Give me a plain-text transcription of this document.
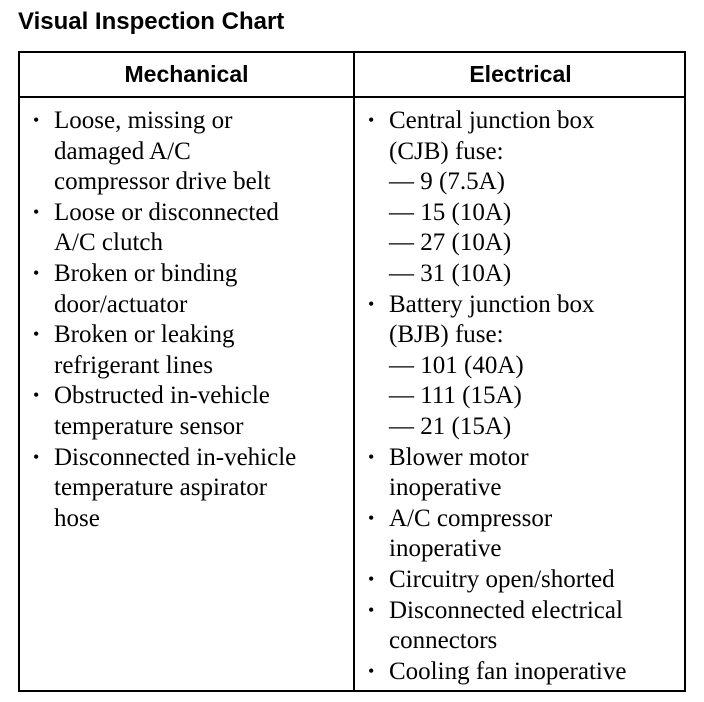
Visual Inspection Chart
Mechanical	Electrical
• Loose, missing or
damaged A/C
compressor drive belt
• Loose or disconnected
A/C clutch
• Broken or binding
door/actuator
• Broken or leaking
refrigerant lines
• Obstructed in-vehicle
temperature sensor
• Disconnected in-vehicle
temperature aspirator
hose
• Central junction box
(CJB) fuse:
— 9 (7.5A)
— 15 (10A)
— 27 (10A)
— 31 (10A)
• Battery junction box
(BJB) fuse:
— 101 (40A)
— 111 (15A)
— 21 (15A)
• Blower motor
inoperative
• A/C compressor
inoperative
• Circuitry open/shorted
• Disconnected electrical
connectors
• Cooling fan inoperative
